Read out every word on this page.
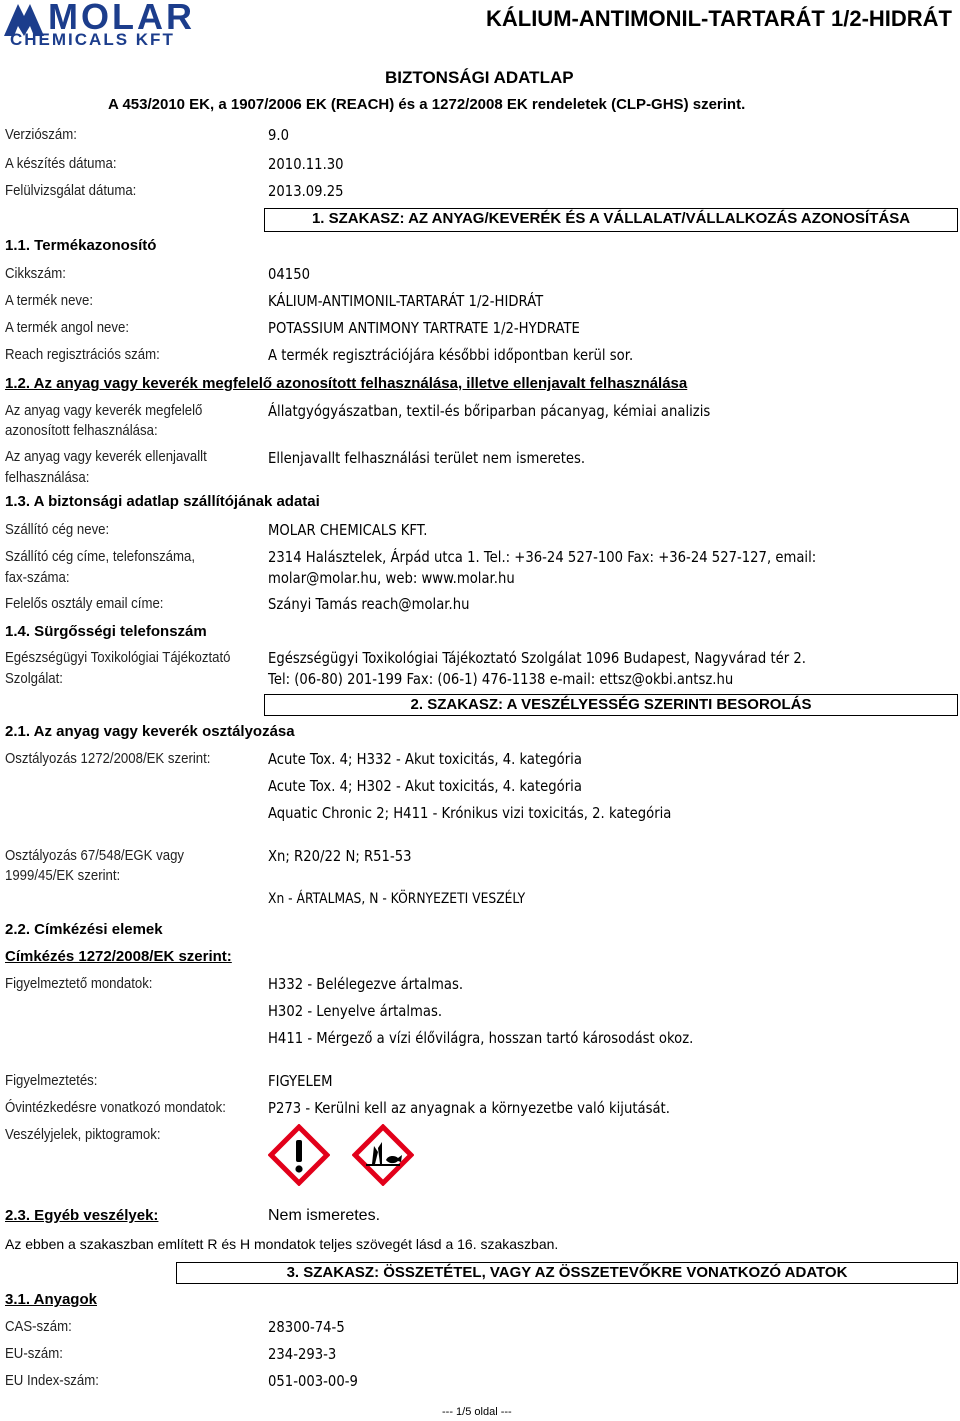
MOLAR
CHEMICALS KFT
KÁLIUM-ANTIMONIL-TARTARÁT 1/2-HIDRÁT
BIZTONSÁGI ADATLAP
A 453/2010 EK, a 1907/2006 EK (REACH) és a 1272/2008 EK rendeletek (CLP-GHS) szerint.
Verziószám:	9.0
A készítés dátuma:	2010.11.30
Felülvizsgálat dátuma:	2013.09.25
1. SZAKASZ: AZ ANYAG/KEVERÉK ÉS A VÁLLALAT/VÁLLALKOZÁS AZONOSÍTÁSA
1.1. Termékazonosító
Cikkszám:	04150
A termék neve:	KÁLIUM-ANTIMONIL-TARTARÁT 1/2-HIDRÁT
A termék angol neve:	POTASSIUM ANTIMONY TARTRATE 1/2-HYDRATE
Reach regisztrációs szám:	A termék regisztrációjára későbbi időpontban kerül sor.
1.2. Az anyag vagy keverék megfelelő azonosított felhasználása, illetve ellenjavalt felhasználása
Az anyag vagy keverék megfelelő
azonosított felhasználása:
Állatgyógyászatban, textil-és bőriparban pácanyag, kémiai analizis
Az anyag vagy keverék ellenjavallt
felhasználása:
Ellenjavallt felhasználási terület nem ismeretes.
1.3. A biztonsági adatlap szállítójának adatai
Szállító cég neve:	MOLAR CHEMICALS KFT.
Szállító cég címe, telefonszáma,
fax-száma:
2314 Halásztelek, Árpád utca 1. Tel.: +36-24 527-100 Fax: +36-24 527-127, email:
molar@molar.hu, web: www.molar.hu
Felelős osztály email címe:	Szányi Tamás reach@molar.hu
1.4. Sürgősségi telefonszám
Egészségügyi Toxikológiai Tájékoztató
Szolgálat:
Egészségügyi Toxikológiai Tájékoztató Szolgálat 1096 Budapest, Nagyvárad tér 2.
Tel: (06-80) 201-199 Fax: (06-1) 476-1138 e-mail: ettsz@okbi.antsz.hu
2. SZAKASZ: A VESZÉLYESSÉG SZERINTI BESOROLÁS
2.1. Az anyag vagy keverék osztályozása
Osztályozás 1272/2008/EK szerint:	Acute Tox. 4; H332 - Akut toxicitás, 4. kategória
Acute Tox. 4; H302 - Akut toxicitás, 4. kategória
Aquatic Chronic 2; H411 - Krónikus vizi toxicitás, 2. kategória
Osztályozás 67/548/EGK vagy
1999/45/EK szerint:
Xn; R20/22 N; R51-53
Xn - ÁRTALMAS, N - KÖRNYEZETI VESZÉLY
2.2. Címkézési elemek
Címkézés 1272/2008/EK szerint:
Figyelmeztető mondatok:	H332 - Belélegezve ártalmas.
H302 - Lenyelve ártalmas.
H411 - Mérgező a vízi élővilágra, hosszan tartó károsodást okoz.
Figyelmeztetés:	FIGYELEM
Óvintézkedésre vonatkozó mondatok:	P273 - Kerülni kell az anyagnak a környezetbe való kijutását.
Veszélyjelek, piktogramok:
2.3. Egyéb veszélyek:	Nem ismeretes.
Az ebben a szakaszban említett R és H mondatok teljes szövegét lásd a 16. szakaszban.
3. SZAKASZ: ÖSSZETÉTEL, VAGY AZ ÖSSZETEVŐKRE VONATKOZÓ ADATOK
3.1. Anyagok
CAS-szám:	28300-74-5
EU-szám:	234-293-3
EU Index-szám:	051-003-00-9
--- 1/5 oldal ---
